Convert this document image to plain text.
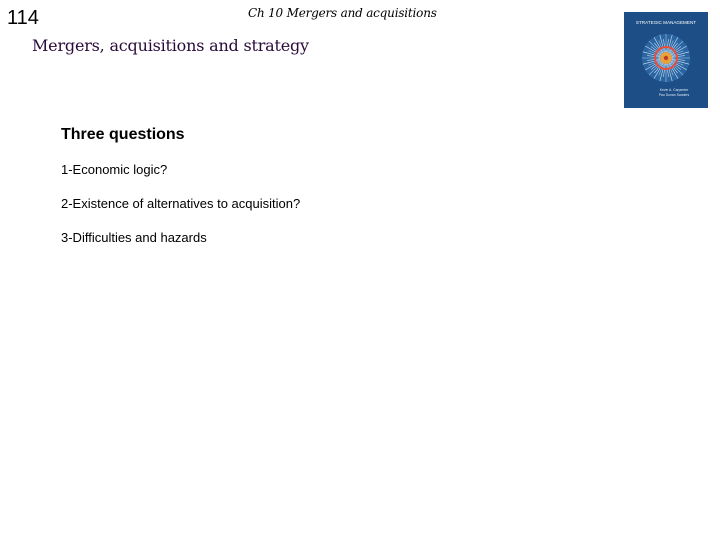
114	Ch 10 Mergers and acquisitions
Mergers, acquisitions and strategy
STRATEGIC MANAGEMENT
Kevin A. Carpenter
Pau Dunan Sanders
Three questions
1-Economic logic?
2-Existence of alternatives to acquisition?
3-Difficulties and hazards
